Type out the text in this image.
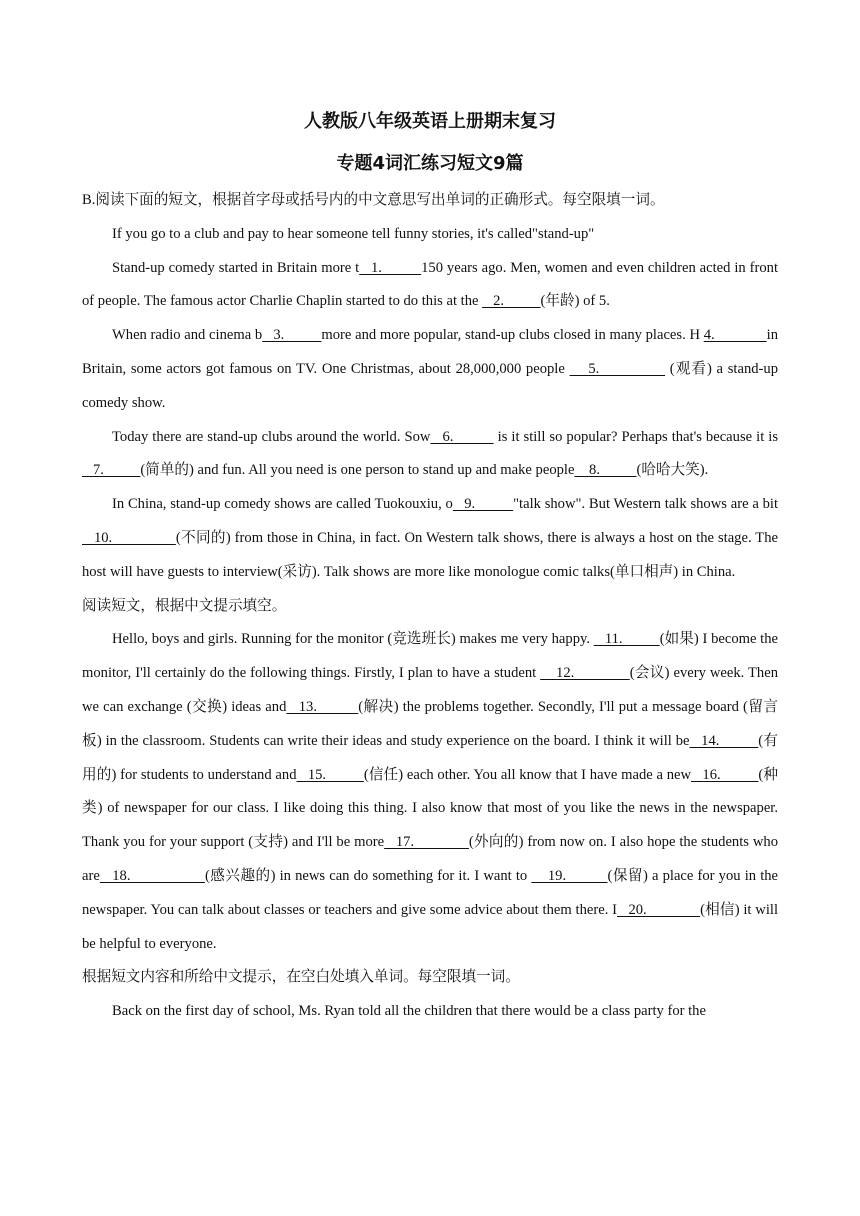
人教版八年级英语上册期末复习
专题4词汇练习短文9篇

B.阅读下面的短文，根据首字母或括号内的中文意思写出单词的正确形式。每空限填一词。

If you go to a club and pay to hear someone tell funny stories, it's called"stand-up"

Stand-up comedy started in Britain more t   1.          150 years ago. Men, women and even children acted in front of people. The famous actor Charlie Chaplin started to do this at the    2.          (年龄) of 5.

When radio and cinema b   3.          more and more popular, stand-up clubs closed in many places. H 4.              in Britain, some actors got famous on TV. One Christmas, about 28,000,000 people     5.               (观看) a stand-up comedy show.

Today there are stand-up clubs around the world. Sow   6.           is it still so popular? Perhaps that's because it is    7.          (简单的) and fun. All you need is one person to stand up and make people    8.          (哈哈大笑).

In China, stand-up comedy shows are called Tuokouxiu, o   9.          "talk show". But Western talk shows are a bit    10.                (不同的) from those in China, in fact. On Western talk shows, there is always a host on the stage. The host will have guests to interview(采访). Talk shows are more like monologue comic talks(单口相声) in China.

阅读短文，根据中文提示填空。

Hello, boys and girls. Running for the monitor (竞选班长) makes me very happy.    11.          (如果) I become the monitor, I'll certainly do the following things. Firstly, I plan to have a student     12.              (会议) every week. Then we can exchange (交换) ideas and   13.          (解决) the problems together. Secondly, I'll put a message board (留言板) in the classroom. Students can write their ideas and study experience on the board. I think it will be   14.          (有用的) for students to understand and   15.          (信任) each other. You all know that I have made a new   16.          (种类) of newspaper for our class. I like doing this thing. I also know that most of you like the news in the newspaper. Thank you for your support (支持) and I'll be more   17.              (外向的) from now on. I also hope the students who are   18.                  (感兴趣的) in news can do something for it. I want to     19.          (保留) a place for you in the newspaper. You can talk about classes or teachers and give some advice about them there. I   20.              (相信) it will be helpful to everyone.

根据短文内容和所给中文提示，在空白处填入单词。每空限填一词。

Back on the first day of school, Ms. Ryan told all the children that there would be a class party for the
